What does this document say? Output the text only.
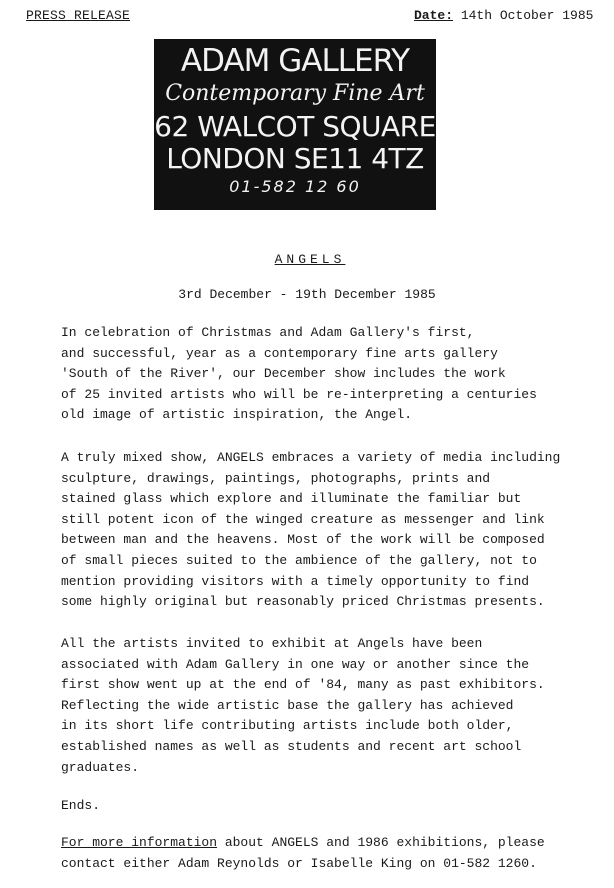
PRESS RELEASE	Date: 14th October 1985
ADAM GALLERY
Contemporary Fine Art
62 WALCOT SQUARE
LONDON SE11 4TZ
01-582 12 60
ANGELS
3rd December - 19th December 1985

In celebration of Christmas and Adam Gallery's first,
and successful, year as a contemporary fine arts gallery
'South of the River', our December show includes the work
of 25 invited artists who will be re-interpreting a centuries
old image of artistic inspiration, the Angel.

A truly mixed show, ANGELS embraces a variety of media including
sculpture, drawings, paintings, photographs, prints and
stained glass which explore and illuminate the familiar but
still potent icon of the winged creature as messenger and link
between man and the heavens. Most of the work will be composed
of small pieces suited to the ambience of the gallery, not to
mention providing visitors with a timely opportunity to find
some highly original but reasonably priced Christmas presents.

All the artists invited to exhibit at Angels have been
associated with Adam Gallery in one way or another since the
first show went up at the end of '84, many as past exhibitors.
Reflecting the wide artistic base the gallery has achieved
in its short life contributing artists include both older,
established names as well as students and recent art school
graduates.

Ends.

For more information about ANGELS and 1986 exhibitions, please
contact either Adam Reynolds or Isabelle King on 01-582 1260.
